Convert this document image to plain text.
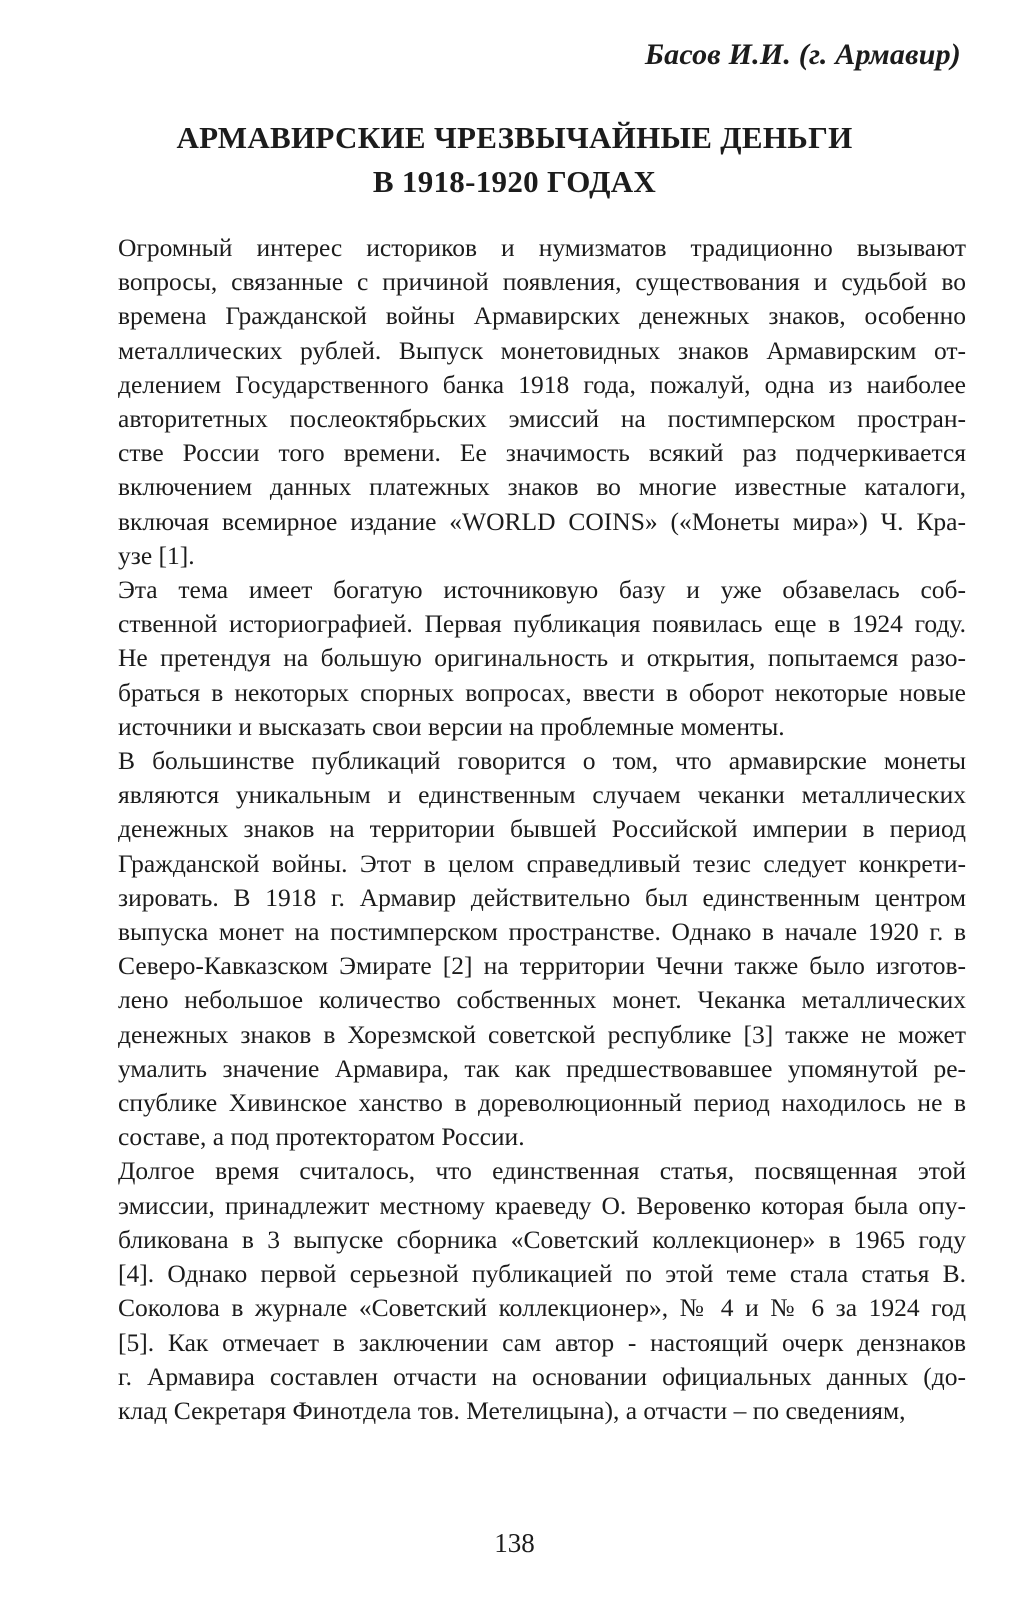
Басов И.И. (г. Армавир)
АРМАВИРСКИЕ ЧРЕЗВЫЧАЙНЫЕ ДЕНЬГИ
В 1918-1920 ГОДАХ

Огромный интерес историков и нумизматов традиционно вызывают
вопросы, связанные с причиной появления, существования и судьбой во
времена Гражданской войны Армавирских денежных знаков, особенно
металлических рублей. Выпуск монетовидных знаков Армавирским от-
делением Государственного банка 1918 года, пожалуй, одна из наиболее
авторитетных послеоктябрьских эмиссий на постимперском простран-
стве России того времени. Ее значимость всякий раз подчеркивается
включением данных платежных знаков во многие известные каталоги,
включая всемирное издание «WORLD COINS» («Монеты мира») Ч. Кра-
узе [1].

Эта тема имеет богатую источниковую базу и уже обзавелась соб-
ственной историографией. Первая публикация появилась еще в 1924 году.
Не претендуя на большую оригинальность и открытия, попытаемся разо-
браться в некоторых спорных вопросах, ввести в оборот некоторые новые
источники и высказать свои версии на проблемные моменты.

В большинстве публикаций говорится о том, что армавирские монеты
являются уникальным и единственным случаем чеканки металлических
денежных знаков на территории бывшей Российской империи в период
Гражданской войны. Этот в целом справедливый тезис следует конкрети-
зировать. В 1918 г. Армавир действительно был единственным центром
выпуска монет на постимперском пространстве. Однако в начале 1920 г. в
Северо-Кавказском Эмирате [2] на территории Чечни также было изготов-
лено небольшое количество собственных монет. Чеканка металлических
денежных знаков в Хорезмской советской республике [3] также не может
умалить значение Армавира, так как предшествовавшее упомянутой ре-
спублике Хивинское ханство в дореволюционный период находилось не в
составе, а под протекторатом России.

Долгое время считалось, что единственная статья, посвященная этой
эмиссии, принадлежит местному краеведу О. Веровенко которая была опу-
бликована в 3 выпуске сборника «Советский коллекционер» в 1965 году
[4]. Однако первой серьезной публикацией по этой теме стала статья В.
Соколова в журнале «Советский коллекционер», № 4 и № 6 за 1924 год
[5]. Как отмечает в заключении сам автор - настоящий очерк дензнаков
г. Армавира составлен отчасти на основании официальных данных (до-
клад Секретаря Финотдела тов. Метелицына), а отчасти – по сведениям,

138
